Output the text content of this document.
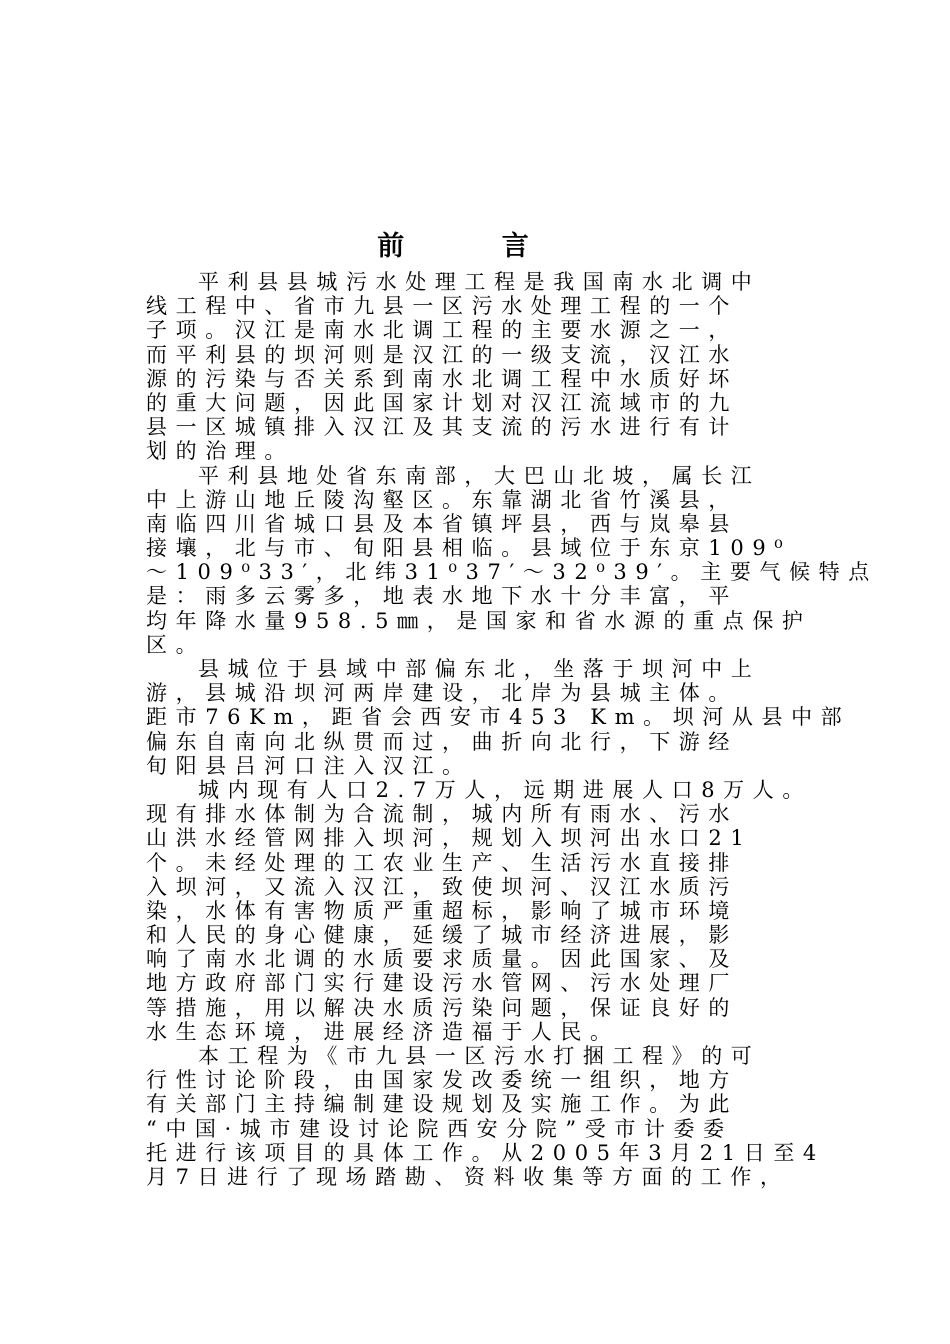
前 言
平利县县城污水处理工程是我国南水北调中
线工程中、省市九县一区污水处理工程的一个
子项。汉江是南水北调工程的主要水源之一，
而平利县的坝河则是汉江的一级支流，汉江水
源的污染与否关系到南水北调工程中水质好坏
的重大问题，因此国家计划对汉江流域市的九
县一区城镇排入汉江及其支流的污水进行有计
划的治理。
平利县地处省东南部，大巴山北坡，属长江
中上游山地丘陵沟壑区。东靠湖北省竹溪县，
南临四川省城口县及本省镇坪县，西与岚皋县
接壤，北与市、旬阳县相临。县域位于东京109⁰
～109⁰33′，北纬31⁰37′～32⁰39′。主要气候特点
是：雨多云雾多，地表水地下水十分丰富，平
均年降水量958.5㎜，是国家和省水源的重点保护
区。
县城位于县域中部偏东北，坐落于坝河中上
游，县城沿坝河两岸建设，北岸为县城主体。
距市76Km，距省会西安市453 Km。坝河从县中部
偏东自南向北纵贯而过，曲折向北行，下游经
旬阳县吕河口注入汉江。
城内现有人口2.7万人，远期进展人口8万人。
现有排水体制为合流制，城内所有雨水、污水
山洪水经管网排入坝河，规划入坝河出水口21
个。未经处理的工农业生产、生活污水直接排
入坝河，又流入汉江，致使坝河、汉江水质污
染，水体有害物质严重超标，影响了城市环境
和人民的身心健康，延缓了城市经济进展，影
响了南水北调的水质要求质量。因此国家、及
地方政府部门实行建设污水管网、污水处理厂
等措施，用以解决水质污染问题，保证良好的
水生态环境，进展经济造福于人民。
本工程为《市九县一区污水打捆工程》的可
行性讨论阶段，由国家发改委统一组织，地方
有关部门主持编制建设规划及实施工作。为此
“中国·城市建设讨论院西安分院”受市计委委
托进行该项目的具体工作。从2005年3月21日至4
月7日进行了现场踏勘、资料收集等方面的工作，
